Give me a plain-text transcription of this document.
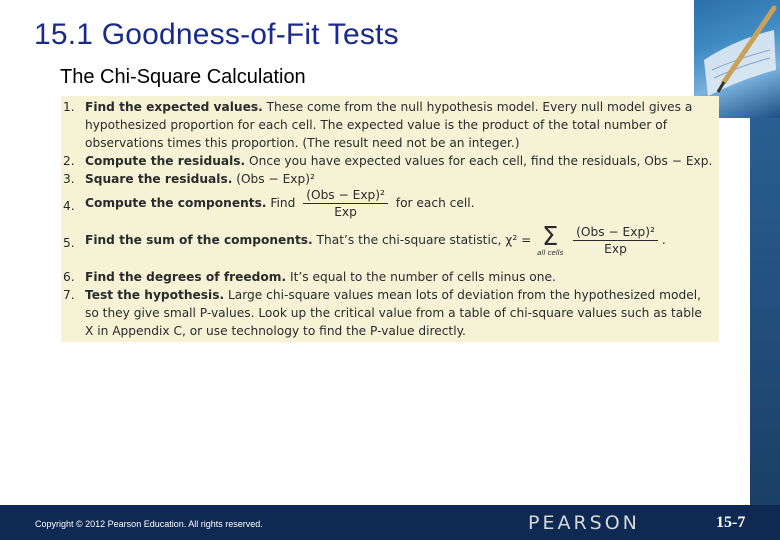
15.1 Goodness-of-Fit Tests
The Chi-Square Calculation
1. Find the expected values. These come from the null hypothesis model. Every null model gives a
hypothesized proportion for each cell. The expected value is the product of the total number of
observations times this proportion. (The result need not be an integer.)
2. Compute the residuals. Once you have expected values for each cell, find the residuals, Obs − Exp.
3. Square the residuals. (Obs − Exp)²
4. Compute the components. Find $\frac{\text{(Obs − Exp)²}}{\text{Exp}}$ for each cell.
5. Find the sum of the components. That’s the chi-square statistic, χ² = Σ
all cells
$\frac{\text{(Obs − Exp)²}}{\text{Exp}}$ .
6. Find the degrees of freedom. It’s equal to the number of cells minus one.
7. Test the hypothesis. Large chi-square values mean lots of deviation from the hypothesized model,
so they give small P-values. Look up the critical value from a table of chi-square values such as table
X in Appendix C, or use technology to find the P-value directly.
Copyright © 2012 Pearson Education. All rights reserved.	PEARSON	15-7
